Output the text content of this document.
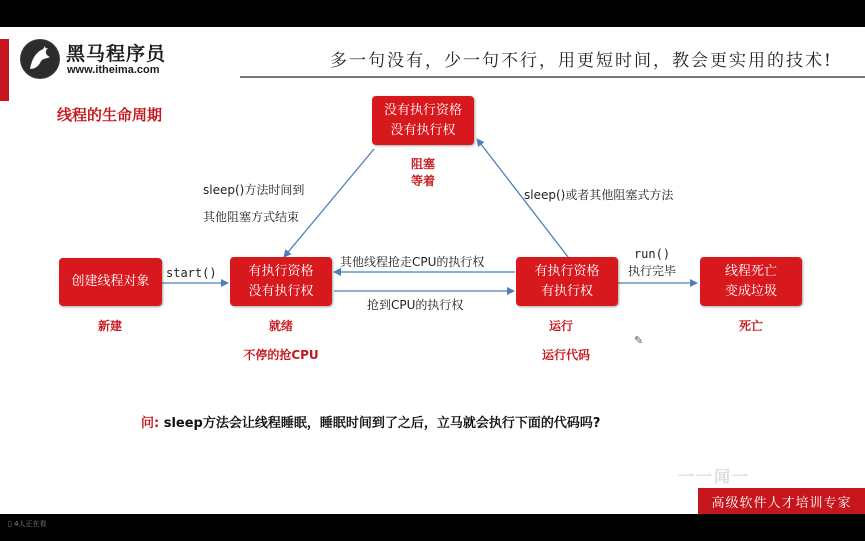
黑马程序员
www.itheima.com	多一句没有，少一句不行，用更短时间，教会更实用的技术!
线程的生命周期
创建线程对象
有执行资格
没有执行权
有执行资格
有执行权
没有执行资格
没有执行权
线程死亡
变成垃圾
新建	就绪
不停的抢CPU
运行
运行代码
阻塞
等着
死亡
start()
sleep()方法时间到
其他阻塞方式结束
sleep()或者其他阻塞式方法
其他线程抢走CPU的执行权
抢到CPU的执行权
run()
执行完毕
问: sleep方法会让线程睡眠，睡眠时间到了之后，立马就会执行下面的代码吗?
✎
一一闻一
高级软件人才培训专家
▯ 4人正在看
